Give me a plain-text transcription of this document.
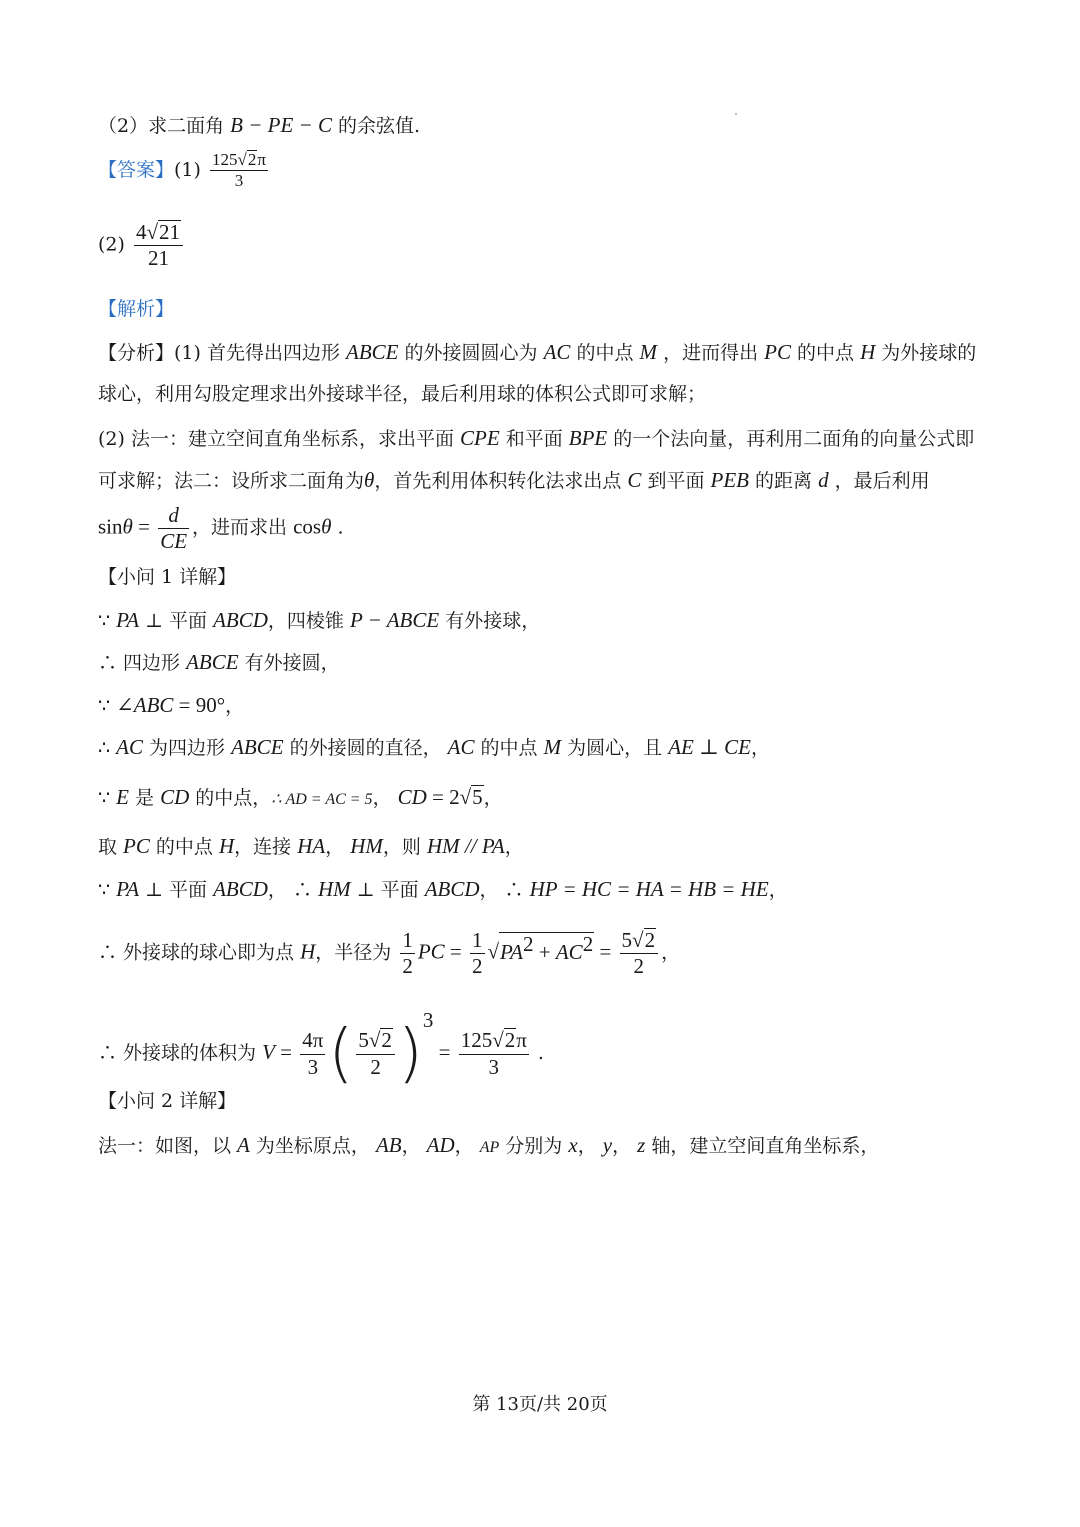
（2）求二面角 B − PE − C 的余弦值.
【答案】$(1) \frac{125√2\pi}{3}$
$(2) \frac{4√21}{21}$
【解析】
【分析】(1) 首先得出四边形 ABCE 的外接圆圆心为 AC 的中点 M ，进而得出 PC 的中点 H 为外接球的
球心，利用勾股定理求出外接球半径，最后利用球的体积公式即可求解；
(2) 法一：建立空间直角坐标系，求出平面 CPE 和平面 BPE 的一个法向量，再利用二面角的向量公式即
可求解；法二：设所求二面角为θ，首先利用体积转化法求出点 C 到平面 PEB 的距离 d ，最后利用
$\sin\theta = \frac{d}{CE}$ ，进而求出 cosθ .
【小问 1 详解】
∵ PA ⊥ 平面 ABCD，四棱锥 P − ABCE 有外接球，
∴ 四边形 ABCE 有外接圆，
∵ ∠ABC = 90°，
∴ AC 为四边形 ABCE 的外接圆的直径， AC 的中点 M 为圆心，且 AE ⊥ CE，
∵ E 是 CD 的中点，∴ AD = AC = 5， CD = 2√5，
取 PC 的中点 H，连接 HA， HM，则 HM // PA，
∵ PA ⊥ 平面 ABCD， ∴ HM ⊥ 平面 ABCD， ∴ HP = HC = HA = HB = HE，
∴ 外接球的球心即为点 H，半径为 $\frac{1}{2}$ PC = $\frac{1}{2} √PA^2 + AC^2 = \frac{5√2}{2}$ ，
∴ 外接球的体积为 $V = \frac{4\pi}{3}$ ( $\frac{5√2}{2} )^3 = \frac{125√2\pi}{3}$ .
【小问 2 详解】
法一：如图，以 A 为坐标原点， AB， AD， AP 分别为 x， y， z 轴，建立空间直角坐标系，
第 13页/共 20页
